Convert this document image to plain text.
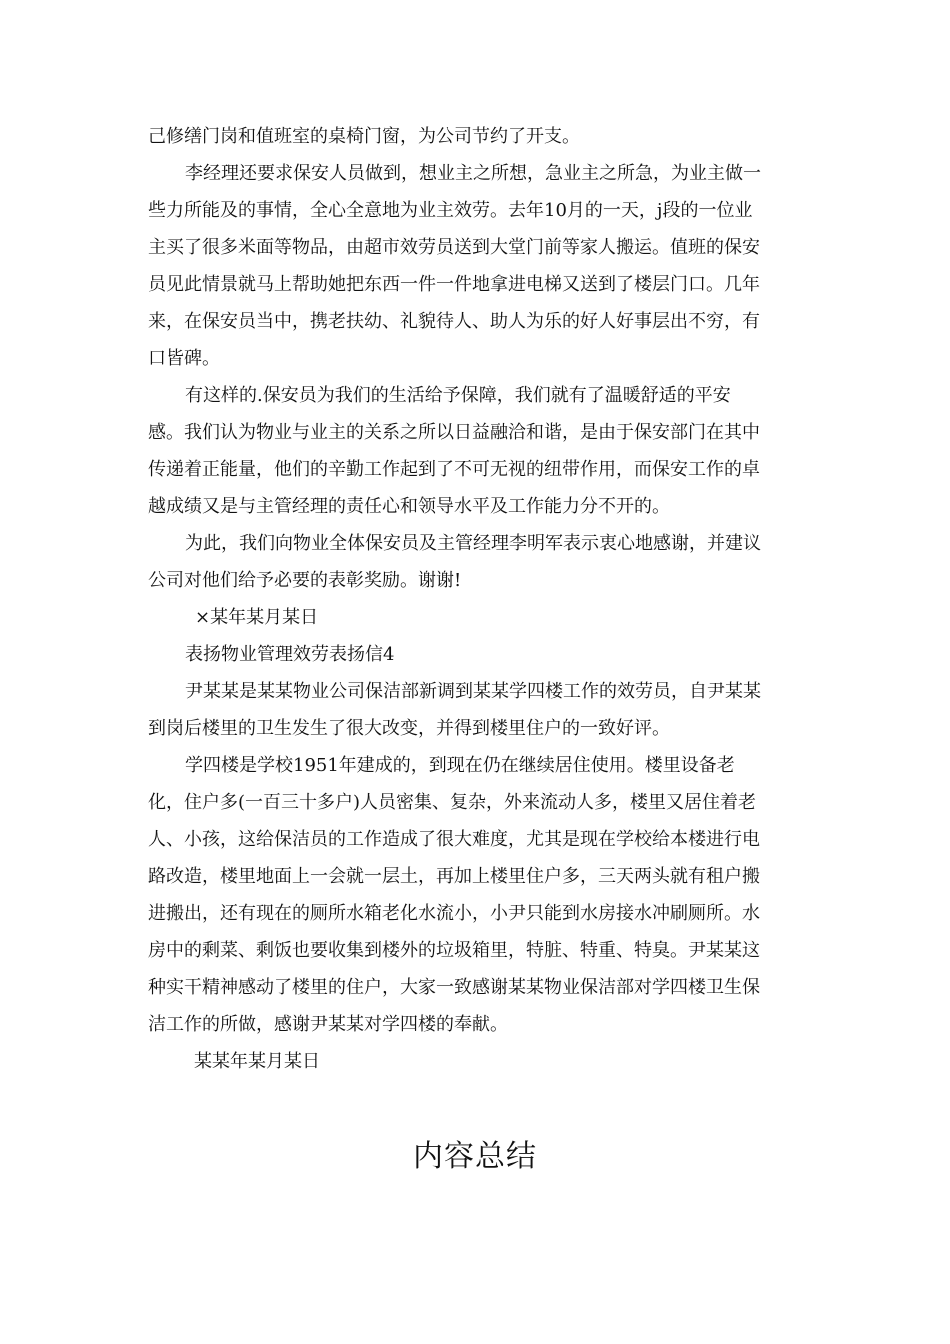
己修缮门岗和值班室的桌椅门窗，为公司节约了开支。
李经理还要求保安人员做到，想业主之所想，急业主之所急，为业主做一
些力所能及的事情，全心全意地为业主效劳。去年10月的一天，j段的一位业
主买了很多米面等物品，由超市效劳员送到大堂门前等家人搬运。值班的保安
员见此情景就马上帮助她把东西一件一件地拿进电梯又送到了楼层门口。几年
来，在保安员当中，携老扶幼、礼貌待人、助人为乐的好人好事层出不穷，有
口皆碑。
有这样的.保安员为我们的生活给予保障，我们就有了温暖舒适的平安
感。我们认为物业与业主的关系之所以日益融洽和谐，是由于保安部门在其中
传递着正能量，他们的辛勤工作起到了不可无视的纽带作用，而保安工作的卓
越成绩又是与主管经理的责任心和领导水平及工作能力分不开的。
为此，我们向物业全体保安员及主管经理李明军表示衷心地感谢，并建议
公司对他们给予必要的表彰奖励。谢谢!
×某年某月某日
表扬物业管理效劳表扬信4
尹某某是某某物业公司保洁部新调到某某学四楼工作的效劳员，自尹某某
到岗后楼里的卫生发生了很大改变，并得到楼里住户的一致好评。
学四楼是学校1951年建成的，到现在仍在继续居住使用。楼里设备老
化，住户多(一百三十多户)人员密集、复杂，外来流动人多，楼里又居住着老
人、小孩，这给保洁员的工作造成了很大难度，尤其是现在学校给本楼进行电
路改造，楼里地面上一会就一层土，再加上楼里住户多，三天两头就有租户搬
进搬出，还有现在的厕所水箱老化水流小，小尹只能到水房接水冲刷厕所。水
房中的剩菜、剩饭也要收集到楼外的垃圾箱里，特脏、特重、特臭。尹某某这
种实干精神感动了楼里的住户，大家一致感谢某某物业保洁部对学四楼卫生保
洁工作的所做，感谢尹某某对学四楼的奉献。
某某年某月某日
内容总结
